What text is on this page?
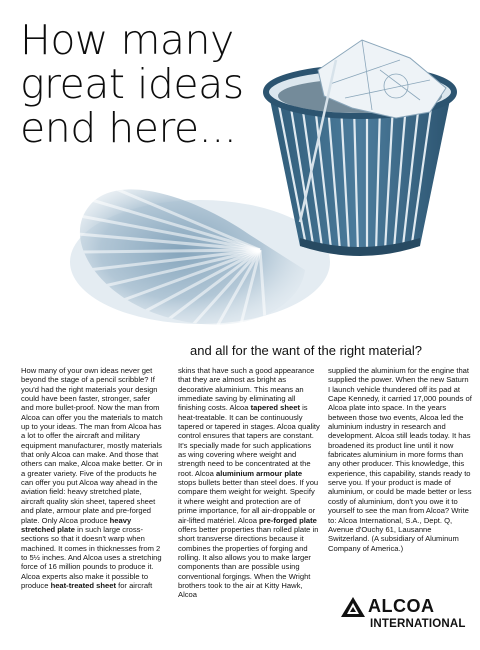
How many
great ideas
end here...
and all for the want of the right material?
How many of your own ideas never get beyond the stage of a pencil scribble? If you'd had the right materials your design could have been faster, stronger, safer and more bullet-proof. Now the man from Alcoa can offer you the materials to match up to your ideas. The man from Alcoa has a lot to offer the aircraft and military equipment manufacturer, mostly materials that only Alcoa can make. And those that others can make, Alcoa make better. Or in a greater variety. Five of the products he can offer you put Alcoa way ahead in the aviation field: heavy stretched plate, aircraft quality skin sheet, tapered sheet and plate, armour plate and pre-forged plate. Only Alcoa produce heavy stretched plate in such large cross-sections so that it doesn't warp when machined. It comes in thicknesses from 2 to 5½ inches. And Alcoa uses a stretching force of 16 million pounds to produce it. Alcoa experts also make it possible to produce heat-treated sheet for aircraft
skins that have such a good appearance that they are almost as bright as decorative aluminium. This means an immediate saving by eliminating all finishing costs. Alcoa tapered sheet is heat-treatable. It can be continuously tapered or tapered in stages. Alcoa quality control ensures that tapers are constant. It's specially made for such applications as wing covering where weight and strength need to be concentrated at the root. Alcoa aluminium armour plate stops bullets better than steel does. If you compare them weight for weight. Specify it where weight and protection are of prime importance, for all air-droppable or air-lifted matériel. Alcoa pre-forged plate offers better properties than rolled plate in short transverse directions because it combines the properties of forging and rolling. It also allows you to make larger components than are possible using conventional forgings. When the Wright brothers took to the air at Kitty Hawk, Alcoa
supplied the aluminium for the engine that supplied the power. When the new Saturn I launch vehicle thundered off its pad at Cape Kennedy, it carried 17,000 pounds of Alcoa plate into space. In the years between those two events, Alcoa led the aluminium industry in research and development. Alcoa still leads today. It has broadened its product line until it now fabricates aluminium in more forms than any other producer. This knowledge, this experience, this capability, stands ready to serve you. If your product is made of aluminium, or could be made better or less costly of aluminium, don't you owe it to yourself to see the man from Alcoa? Write to: Alcoa International, S.A., Dept. Q, Avenue d'Ouchy 61, Lausanne Switzerland. (A subsidiary of Aluminum Company of America.)
ALCOA
INTERNATIONAL
